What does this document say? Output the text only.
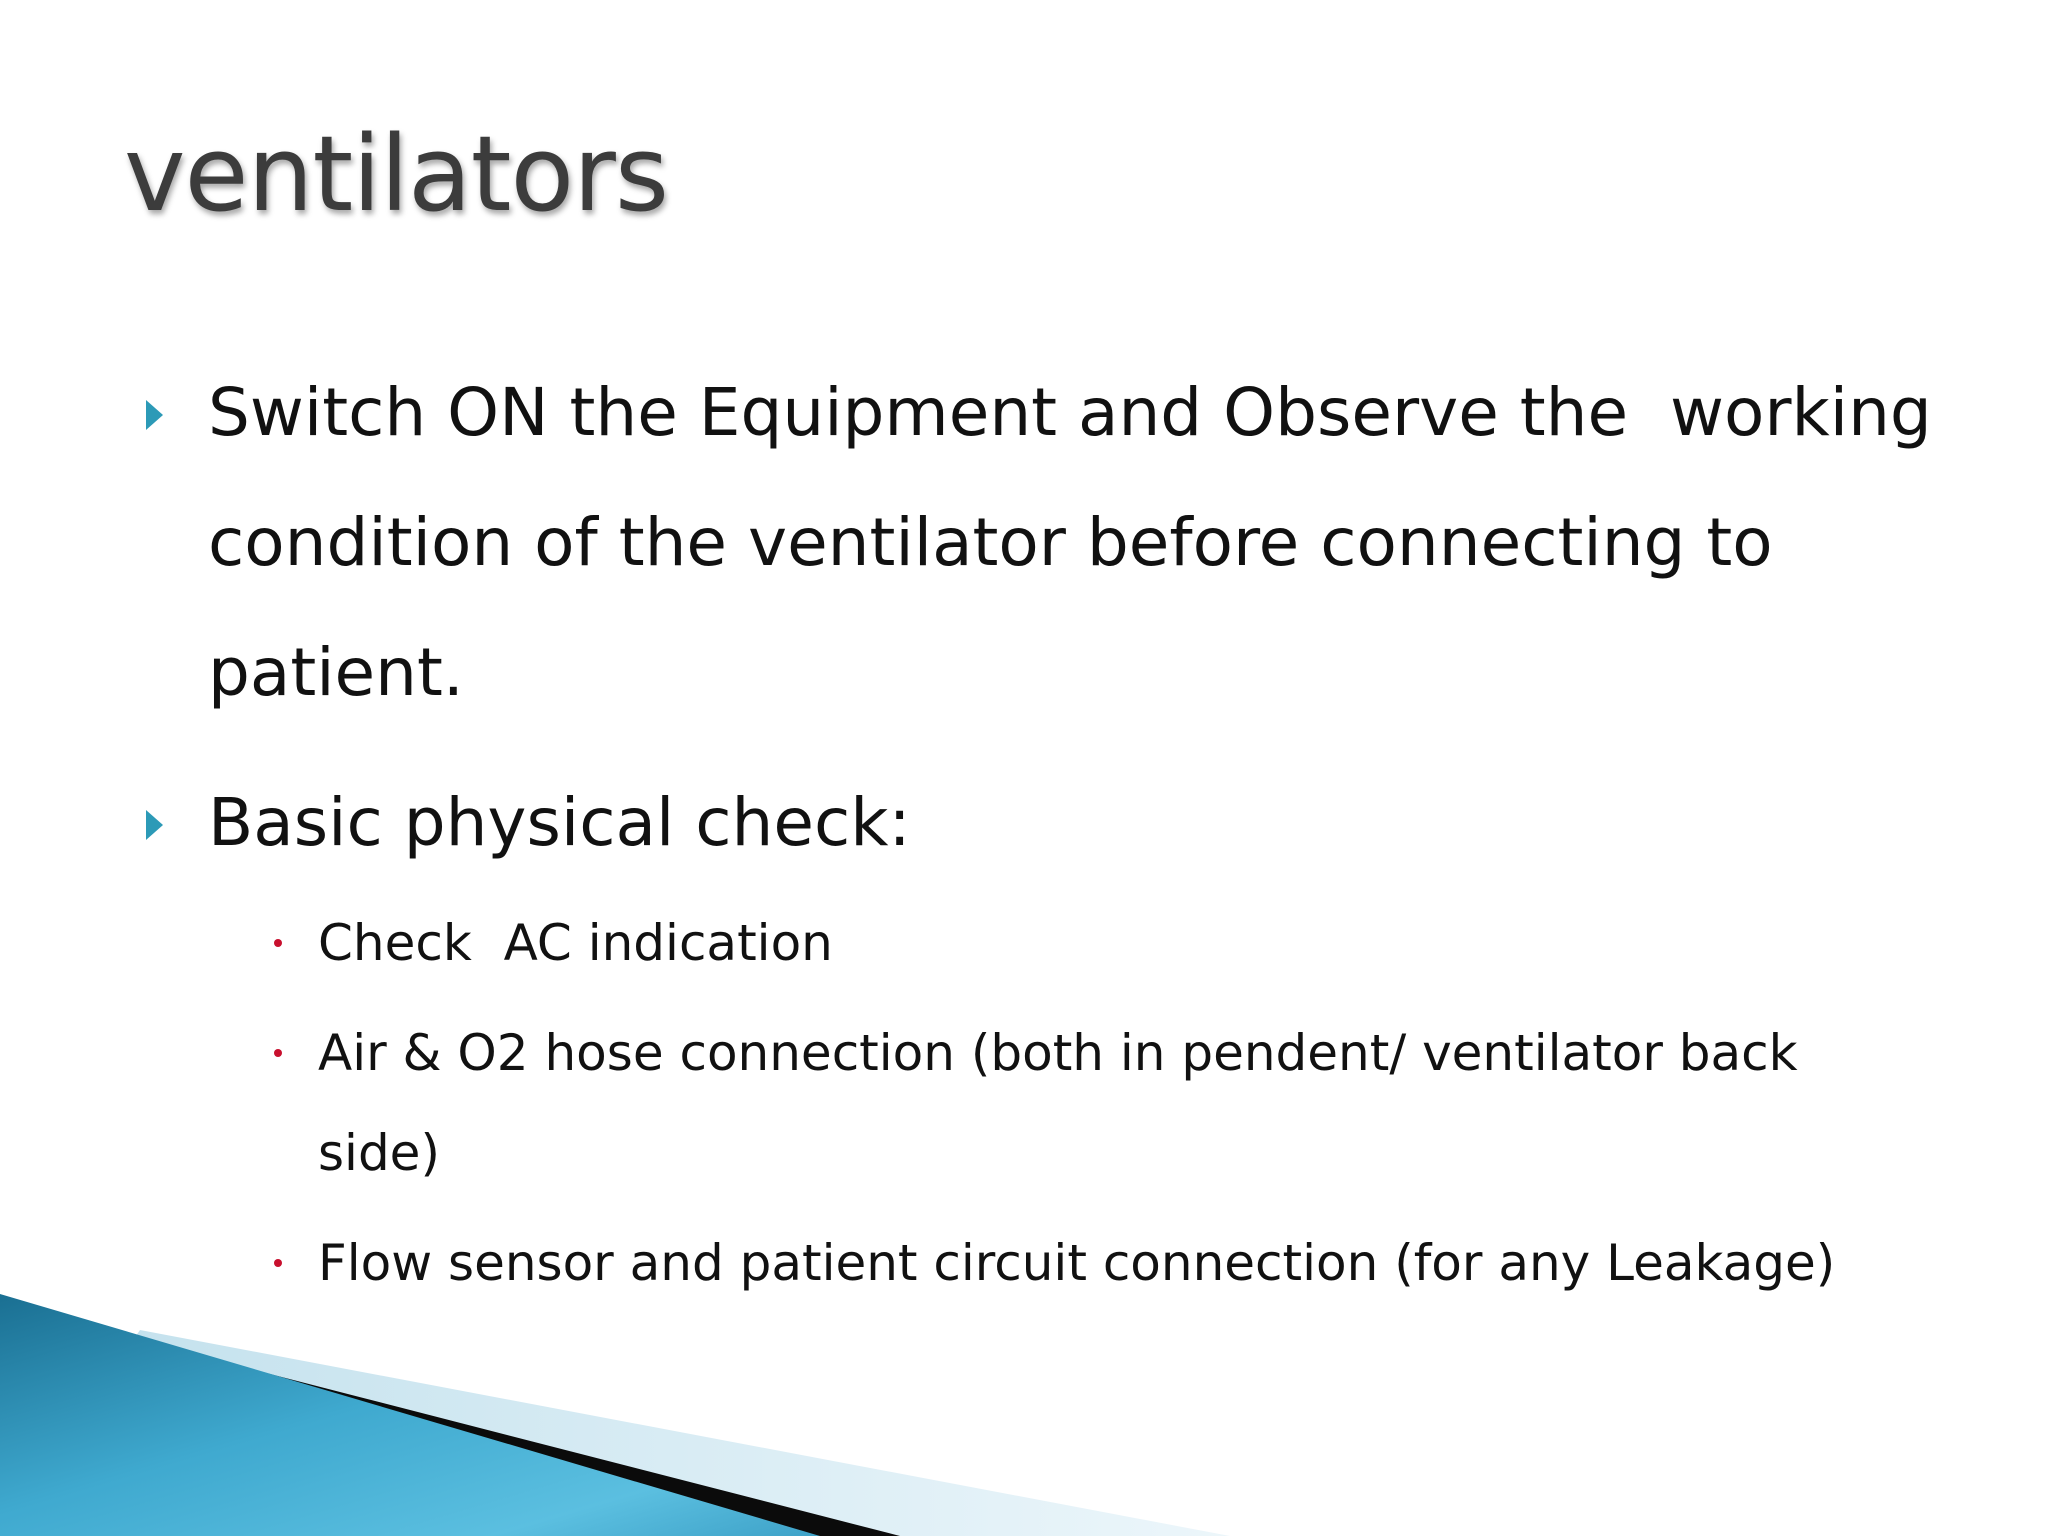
ventilators
Switch ON the Equipment and Observe the  working condition of the ventilator before connecting to patient.
Basic physical check:
Check  AC indication
Air & O2 hose connection (both in pendent/ ventilator back side)
Flow sensor and patient circuit connection (for any Leakage)
